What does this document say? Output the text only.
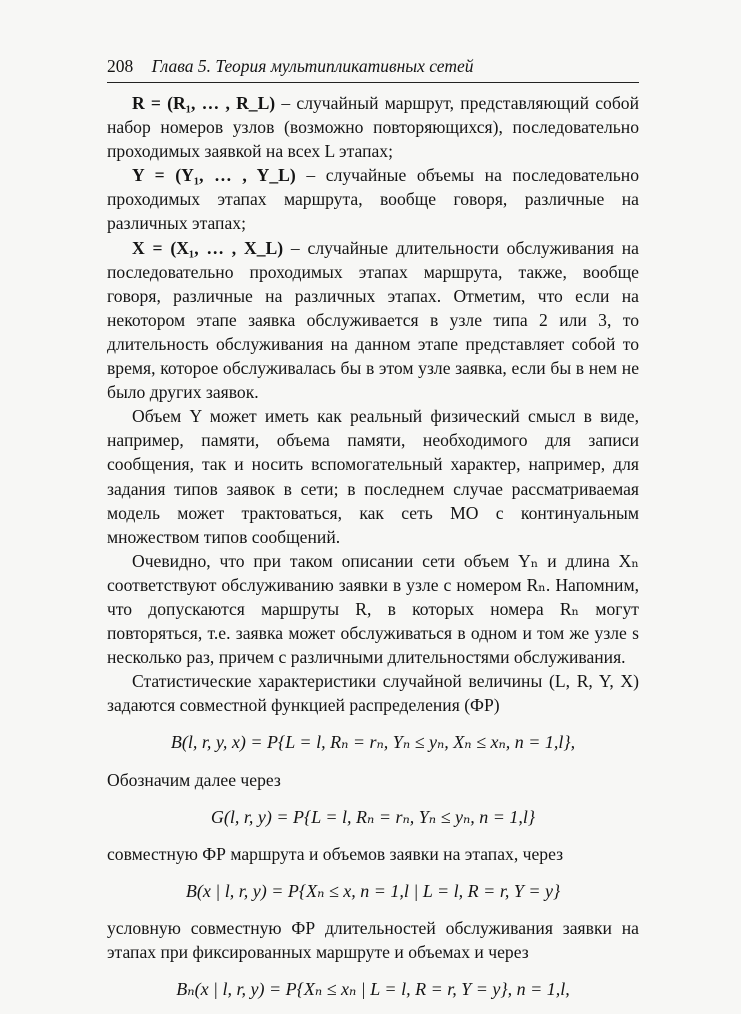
208 Глава 5. Теория мультипликативных сетей

R = (R₁, … , R_L) – случайный маршрут, представляющий собой набор номеров узлов (возможно повторяющихся), последовательно проходимых заявкой на всех L этапах;

Y = (Y₁, … , Y_L) – случайные объемы на последовательно проходимых этапах маршрута, вообще говоря, различные на различных этапах;

X = (X₁, … , X_L) – случайные длительности обслуживания на последовательно проходимых этапах маршрута, также, вообще говоря, различные на различных этапах. Отметим, что если на некотором этапе заявка обслуживается в узле типа 2 или 3, то длительность обслуживания на данном этапе представляет собой то время, которое обслуживалась бы в этом узле заявка, если бы в нем не было других заявок.

Объем Y может иметь как реальный физический смысл в виде, например, памяти, объема памяти, необходимого для записи сообщения, так и носить вспомогательный характер, например, для задания типов заявок в сети; в последнем случае рассматриваемая модель может трактоваться, как сеть МО с континуальным множеством типов сообщений.

Очевидно, что при таком описании сети объем Yₙ и длина Xₙ соответствуют обслуживанию заявки в узле с номером Rₙ. Напомним, что допускаются маршруты R, в которых номера Rₙ могут повторяться, т.е. заявка может обслуживаться в одном и том же узле s несколько раз, причем с различными длительностями обслуживания.

Статистические характеристики случайной величины (L, R, Y, X) задаются совместной функцией распределения (ФР)

B(l, r, y, x) = P{L = l, Rₙ = rₙ, Yₙ ≤ yₙ, Xₙ ≤ xₙ, n = 1,l},

Обозначим далее через

G(l, r, y) = P{L = l, Rₙ = rₙ, Yₙ ≤ yₙ, n = 1,l}

совместную ФР маршрута и объемов заявки на этапах, через

B(x | l, r, y) = P{Xₙ ≤ x, n = 1,l | L = l, R = r, Y = y}

условную совместную ФР длительностей обслуживания заявки на этапах при фиксированных маршруте и объемах и через

Bₙ(x | l, r, y) = P{Xₙ ≤ xₙ | L = l, R = r, Y = y}, n = 1,l,
